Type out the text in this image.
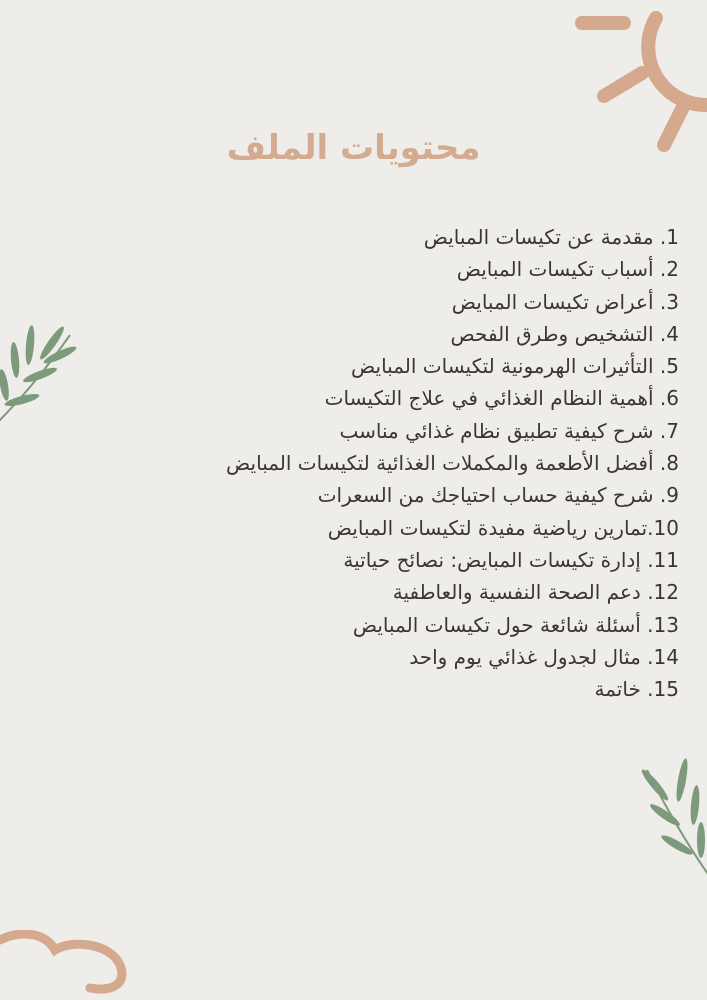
محتويات الملف
1. مقدمة عن تكيسات المبايض
2. أسباب تكيسات المبايض
3. أعراض تكيسات المبايض
4. التشخيص وطرق الفحص
5. التأثيرات الهرمونية لتكيسات المبايض
6. أهمية النظام الغذائي في علاج التكيسات
7. شرح كيفية تطبيق نظام غذائي مناسب
8. أفضل الأطعمة والمكملات الغذائية لتكيسات المبايض
9. شرح كيفية حساب احتياجك من السعرات
10.تمارين رياضية مفيدة لتكيسات المبايض
11. إدارة تكيسات المبايض: نصائح حياتية
12. دعم الصحة النفسية والعاطفية
13. أسئلة شائعة حول تكيسات المبايض
14. مثال لجدول غذائي يوم واحد
15. خاتمة
